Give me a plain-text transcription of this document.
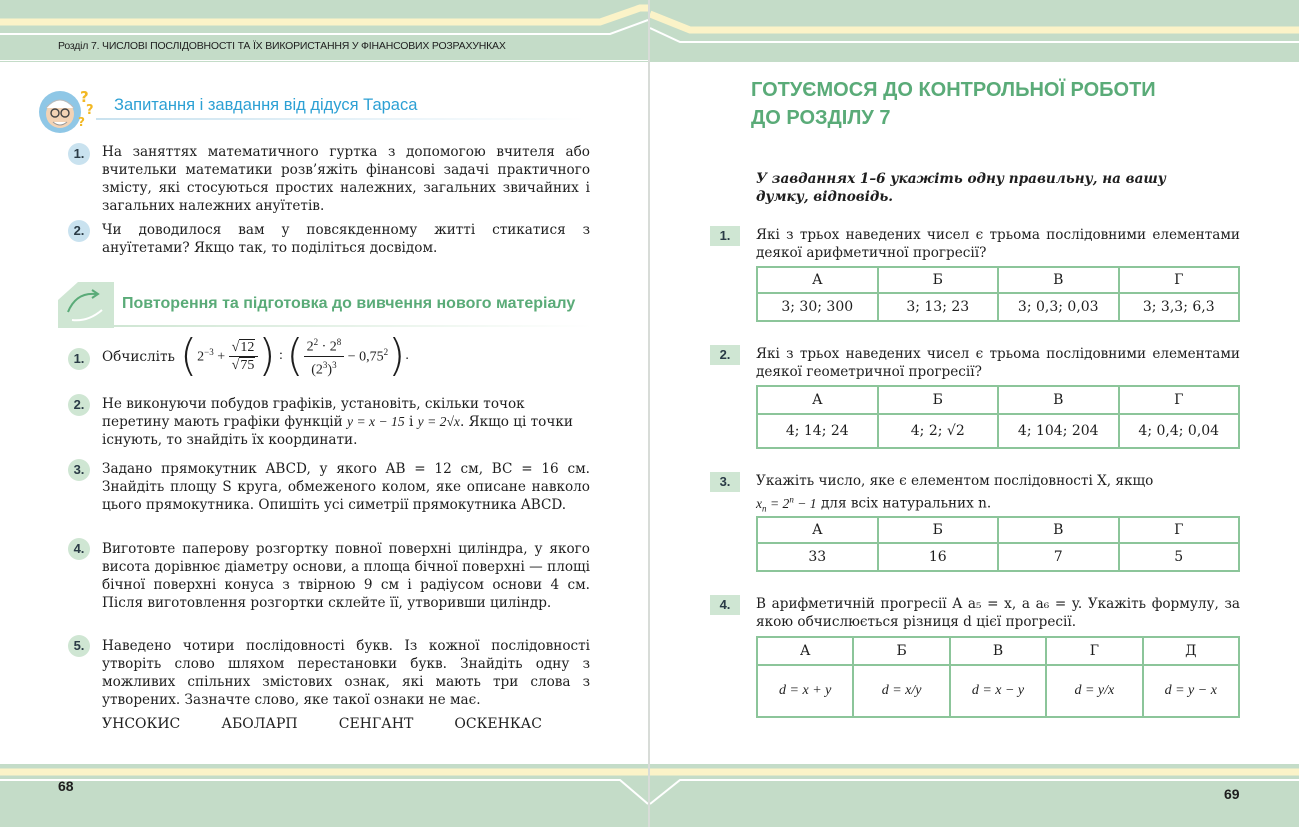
Розділ 7. ЧИСЛОВІ ПОСЛІДОВНОСТІ ТА ЇХ ВИКОРИСТАННЯ У ФІНАНСОВИХ РОЗРАХУНКАХ
?
?
?
Запитання і завдання від дідуся Тараса
1.	На заняттях математичного гуртка з допомогою вчителя або вчительки математики розв’яжіть фінансові задачі практичного змісту, які стосуються простих належних, загальних звичайних і загальних належних ануїтетів.
2.	Чи доводилося вам у повсякденному житті стикатися з ануїтетами? Якщо так, то поділіться досвідом.
Повторення та підготовка до вивчення нового матеріалу
1.	Обчисліть ( $2^{-3} + \frac{√12}{√75}$ ) : ( $\frac{2^2 \cdot 2^8}{(2^3)^3} - 0,75^2$ ) .
2.	Не виконуючи побудов графіків, установіть, скільки точок перетину мають графіки функцій y = x − 15 і y = 2√x. Якщо ці точки існують, то знайдіть їх координати.
3.	Задано прямокутник ABCD, у якого AB = 12 см, BC = 16 см. Знайдіть площу S круга, обмеженого колом, яке описане навколо цього прямокутника. Опишіть усі симетрії прямокутника ABCD.
4.	Виготовте паперову розгортку повної поверхні циліндра, у якого висота дорівнює діаметру основи, а площа бічної поверхні — площі бічної поверхні конуса з твірною 9 см і радіусом основи 4 см. Після виготовлення розгортки склейте її, утворивши циліндр.
5.	Наведено чотири послідовності букв. Із кожної послідовності утворіть слово шляхом перестановки букв. Знайдіть одну з можливих спільних змістових ознак, які мають три слова з утворених. Зазначте слово, яке такої ознаки не має.
УНСОКИС	АБОЛАРП	СЕНГАНТ	ОСКЕНКАС
68
ГОТУЄМОСЯ ДО КОНТРОЛЬНОЇ РОБОТИ
ДО РОЗДІЛУ 7
У завданнях 1–6 укажіть одну правильну, на вашу думку, відповідь.
1.	Які з трьох наведених чисел є трьома послідовними елементами деякої арифметичної прогресії?
А	Б	В	Г
3; 30; 300	3; 13; 23	3; 0,3; 0,03	3; 3,3; 6,3
2.	Які з трьох наведених чисел є трьома послідовними елементами деякої геометричної прогресії?
А	Б	В	Г
4; 14; 24	4; 2; √2	4; 104; 204	4; 0,4; 0,04
3.	Укажіть число, яке є елементом послідовності X, якщо
$x_n = 2^n - 1$ для всіх натуральних n.
А	Б	В	Г
33	16	7	5
4.	В арифметичній прогресії A a₅ = x, а a₆ = y. Укажіть формулу, за якою обчислюється різниця d цієї прогресії.
А	Б	В	Г	Д
d = x + y	d = x/y	d = x − y	d = y/x	d = y − x
69
